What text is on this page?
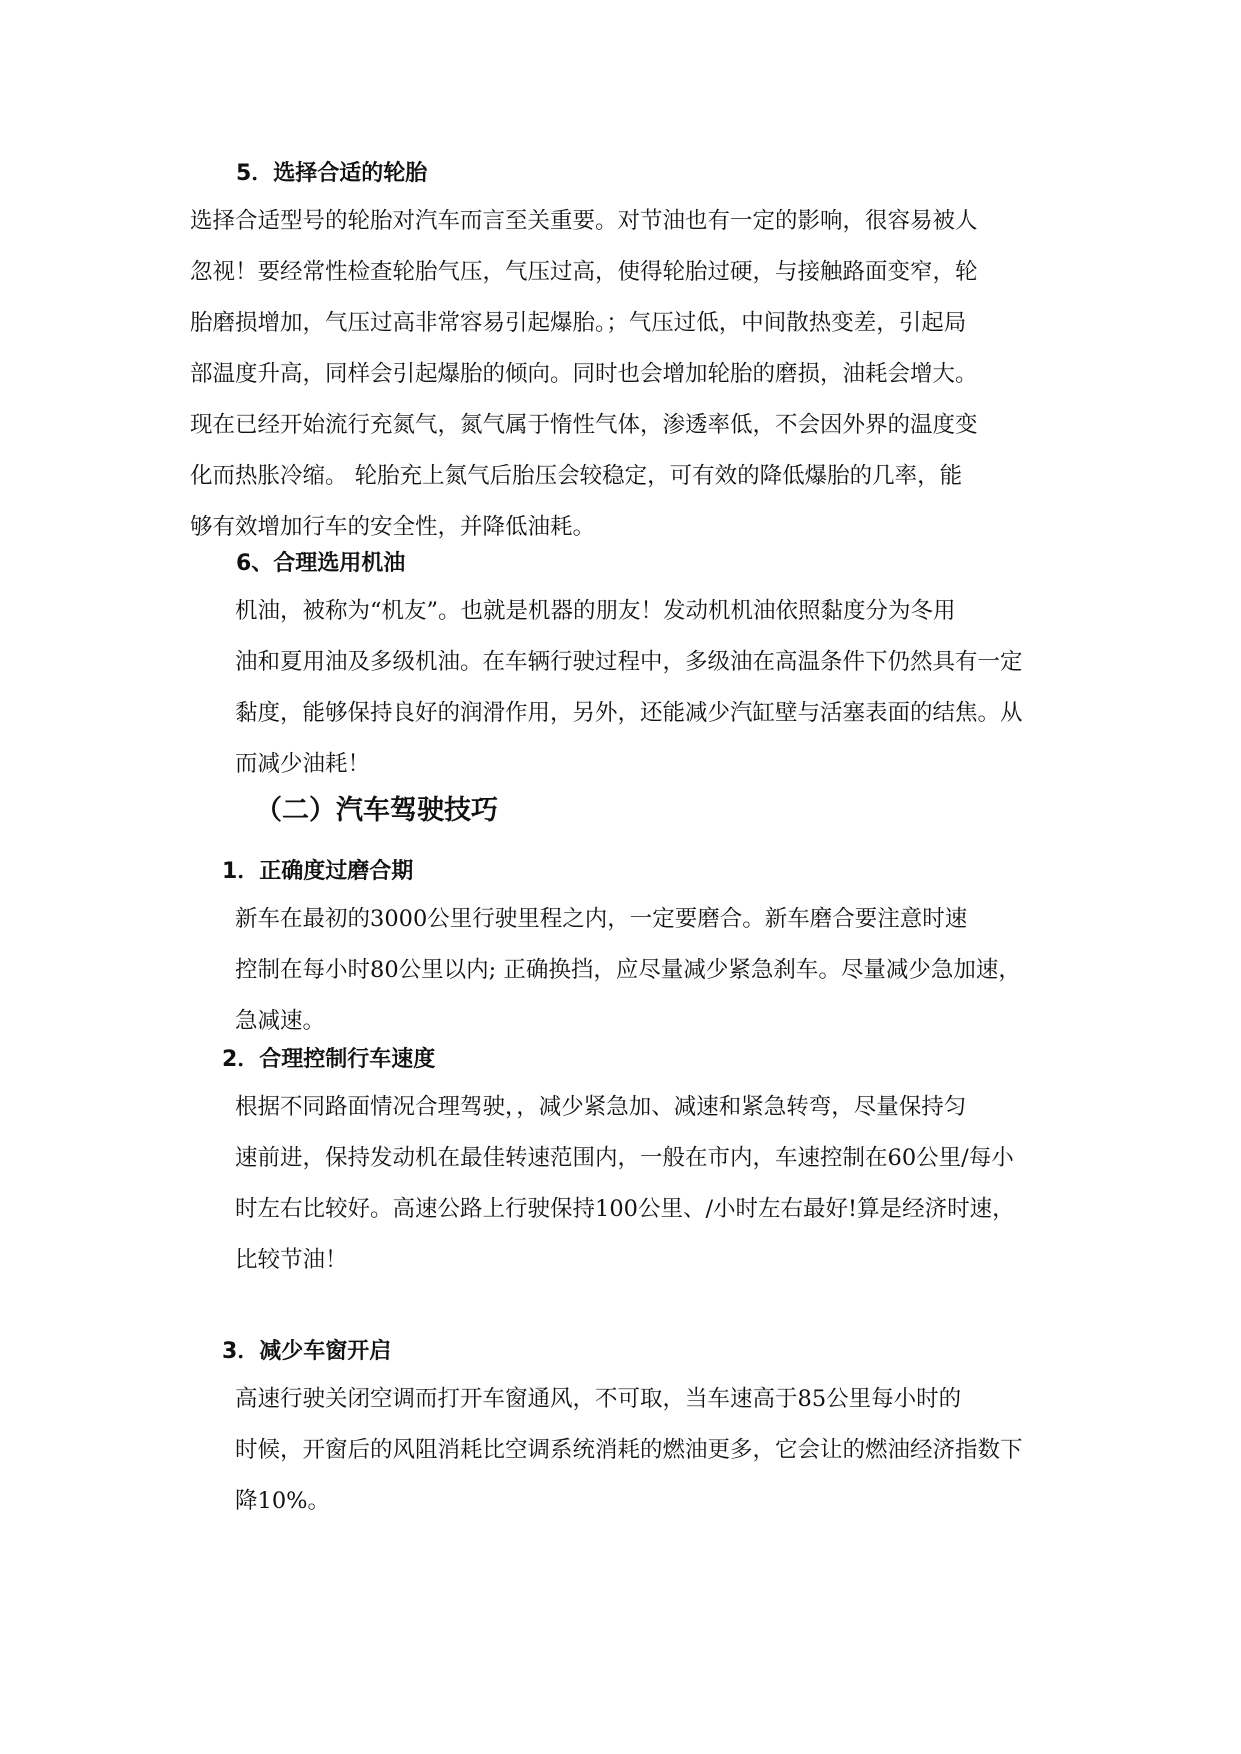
5．选择合适的轮胎
选择合适型号的轮胎对汽车而言至关重要。对节油也有一定的影响，很容易被人
忽视！要经常性检查轮胎气压，气压过高，使得轮胎过硬，与接触路面变窄，轮
胎磨损增加，气压过高非常容易引起爆胎。；气压过低，中间散热变差，引起局
部温度升高，同样会引起爆胎的倾向。同时也会增加轮胎的磨损，油耗会增大。
现在已经开始流行充氮气，氮气属于惰性气体，渗透率低，不会因外界的温度变
化而热胀冷缩。 轮胎充上氮气后胎压会较稳定，可有效的降低爆胎的几率，能
够有效增加行车的安全性，并降低油耗。
6、合理选用机油
机油，被称为“机友”。也就是机器的朋友！发动机机油依照黏度分为冬用
油和夏用油及多级机油。在车辆行驶过程中，多级油在高温条件下仍然具有一定
黏度，能够保持良好的润滑作用，另外，还能减少汽缸壁与活塞表面的结焦。从
而减少油耗！
（二）汽车驾驶技巧
1．正确度过磨合期
新车在最初的3000公里行驶里程之内，一定要磨合。新车磨合要注意时速
控制在每小时80公里以内; 正确换挡，应尽量减少紧急刹车。尽量减少急加速，
急减速。
2．合理控制行车速度
根据不同路面情况合理驾驶，，减少紧急加、减速和紧急转弯，尽量保持匀
速前进，保持发动机在最佳转速范围内，一般在市内，车速控制在60公里/每小
时左右比较好。高速公路上行驶保持100公里、/小时左右最好!算是经济时速，
比较节油！
3．减少车窗开启
高速行驶关闭空调而打开车窗通风，不可取，当车速高于85公里每小时的
时候，开窗后的风阻消耗比空调系统消耗的燃油更多，它会让的燃油经济指数下
降10%。
